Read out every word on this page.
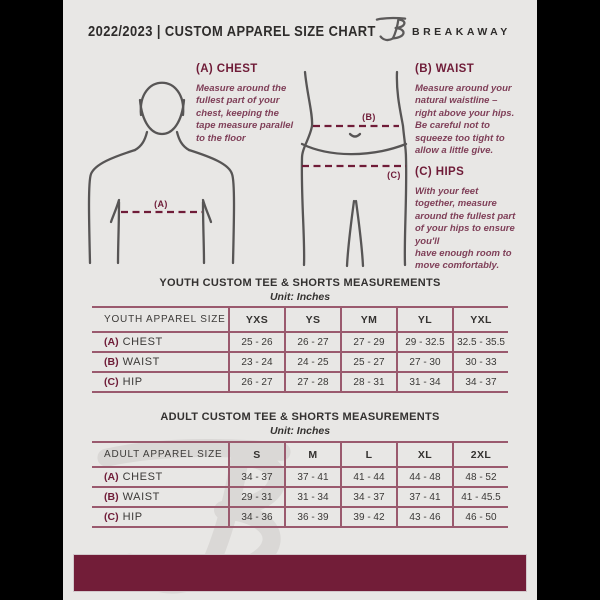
2022/2023 | CUSTOM APPAREL SIZE CHART	BREAKAWAY
(A)
(B)
(C)
(A) CHEST
Measure around the
fullest part of your
chest, keeping the
tape measure parallel
to the floor
(B) WAIST
Measure around your
natural waistline –
right above your hips.
Be careful not to
squeeze too tight to
allow a little give.
(C) HIPS
With your feet
together, measure
around the fullest part
of your hips to ensure
you'll
have enough room to
move comfortably.
YOUTH CUSTOM TEE & SHORTS MEASUREMENTS
Unit: Inches
YOUTH APPAREL SIZE	YXS	YS	YM	YL	YXL
(A) CHEST	25 - 26	26 - 27	27 - 29	29 - 32.5	32.5 - 35.5
(B) WAIST	23 - 24	24 - 25	25 - 27	27 - 30	30 - 33
(C) HIP	26 - 27	27 - 28	28 - 31	31 - 34	34 - 37
ADULT CUSTOM TEE & SHORTS MEASUREMENTS
Unit: Inches
ADULT APPAREL SIZE	S	M	L	XL	2XL
(A) CHEST	34 - 37	37 - 41	41 - 44	44 - 48	48 - 52
(B) WAIST	29 - 31	31 - 34	34 - 37	37 - 41	41 - 45.5
(C) HIP	34 - 36	36 - 39	39 - 42	43 - 46	46 - 50
